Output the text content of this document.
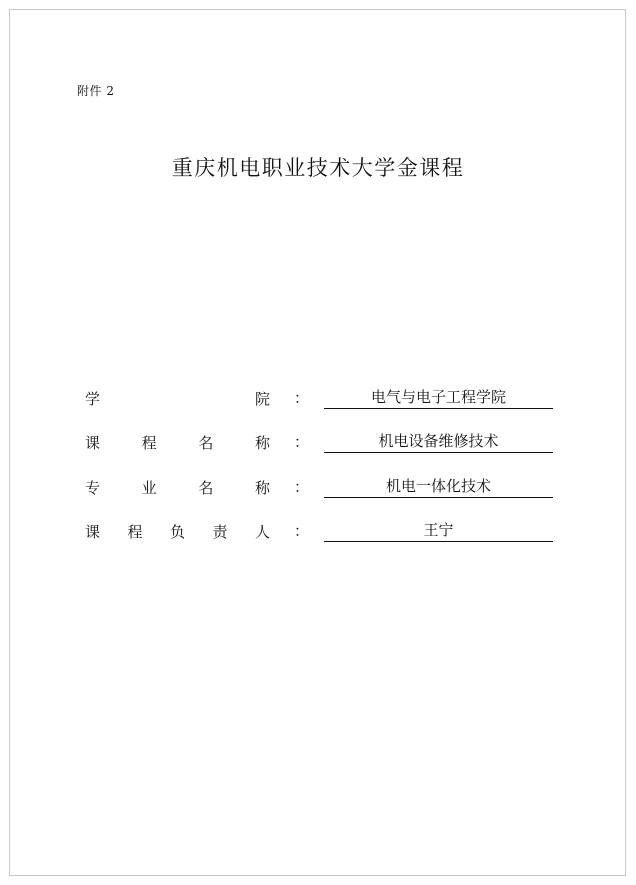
附件 2
重庆机电职业技术大学金课程
学	院 ：	电气与电子工程学院
课	程	名	称 ：	机电设备维修技术
专	业	名	称 ：	机电一体化技术
课 程 负 责 人 ：	王宁
